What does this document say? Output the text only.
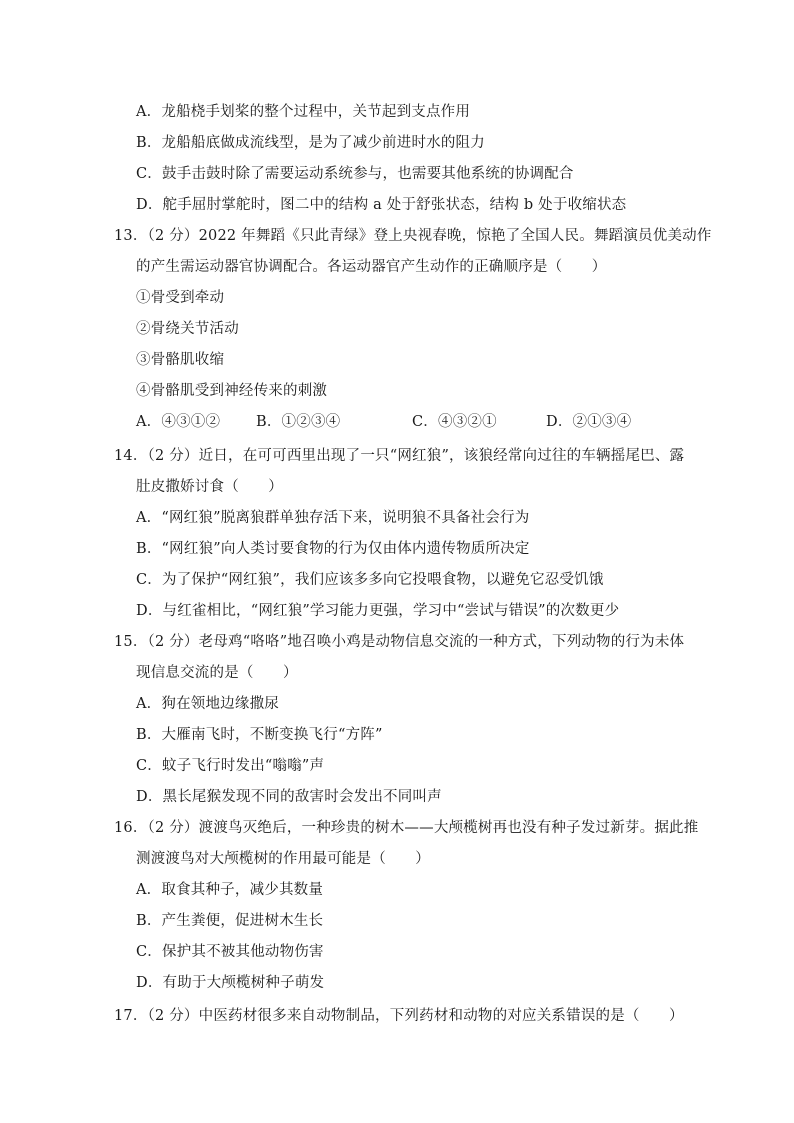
A．龙船桡手划桨的整个过程中，关节起到支点作用
B．龙船船底做成流线型，是为了减少前进时水的阻力
C．鼓手击鼓时除了需要运动系统参与，也需要其他系统的协调配合
D．舵手屈肘掌舵时，图二中的结构 a 处于舒张状态，结构 b 处于收缩状态
13．（2 分）2022 年舞蹈《只此青绿》登上央视春晚，惊艳了全国人民。舞蹈演员优美动作
的产生需运动器官协调配合。各运动器官产生动作的正确顺序是（　　）
①骨受到牵动
②骨绕关节活动
③骨骼肌收缩
④骨骼肌受到神经传来的刺激
A．④③①② B．①②③④	C．④③②①	D．②①③④
14．（2 分）近日，在可可西里出现了一只“网红狼”，该狼经常向过往的车辆摇尾巴、露
肚皮撒娇讨食（　　）
A．“网红狼”脱离狼群单独存活下来，说明狼不具备社会行为
B．“网红狼”向人类讨要食物的行为仅由体内遗传物质所决定
C．为了保护“网红狼”，我们应该多多向它投喂食物，以避免它忍受饥饿
D．与红雀相比，“网红狼”学习能力更强，学习中“尝试与错误”的次数更少
15．（2 分）老母鸡“咯咯”地召唤小鸡是动物信息交流的一种方式，下列动物的行为未体
现信息交流的是（　　）
A．狗在领地边缘撒尿
B．大雁南飞时，不断变换飞行“方阵”
C．蚊子飞行时发出“嗡嗡”声
D．黑长尾猴发现不同的敌害时会发出不同叫声
16．（2 分）渡渡鸟灭绝后，一种珍贵的树木——大颅榄树再也没有种子发过新芽。据此推
测渡渡鸟对大颅榄树的作用最可能是（　　）
A．取食其种子，减少其数量
B．产生粪便，促进树木生长
C．保护其不被其他动物伤害
D．有助于大颅榄树种子萌发
17．（2 分）中医药材很多来自动物制品，下列药材和动物的对应关系错误的是（　　）
